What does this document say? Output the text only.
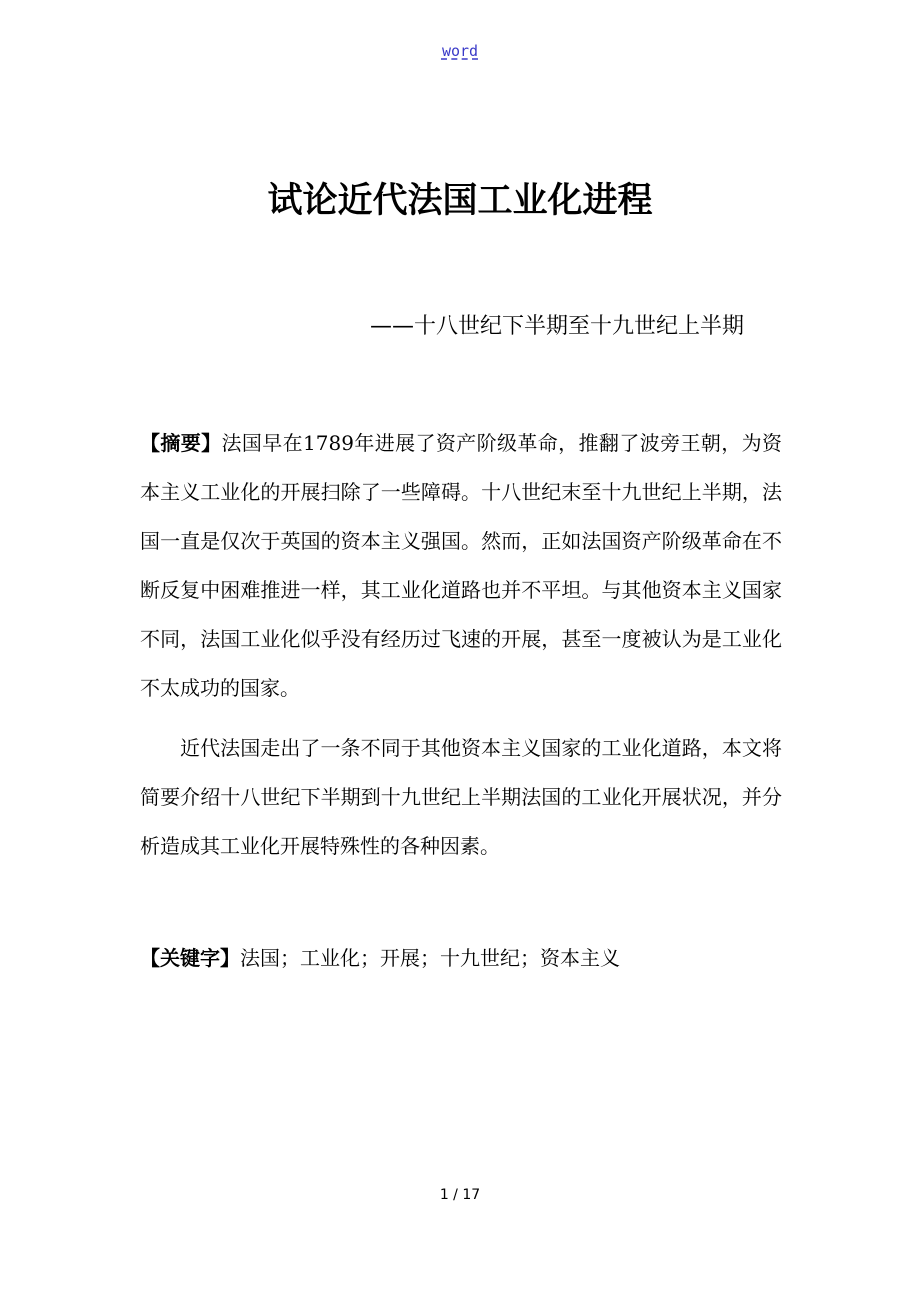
word
试论近代法国工业化进程
——十八世纪下半期至十九世纪上半期

【摘要】法国早在1789年进展了资产阶级革命，推翻了波旁王朝，为资本主义工业化的开展扫除了一些障碍。十八世纪末至十九世纪上半期，法国一直是仅次于英国的资本主义强国。然而，正如法国资产阶级革命在不断反复中困难推进一样，其工业化道路也并不平坦。与其他资本主义国家不同，法国工业化似乎没有经历过飞速的开展，甚至一度被认为是工业化不太成功的国家。

近代法国走出了一条不同于其他资本主义国家的工业化道路，本文将简要介绍十八世纪下半期到十九世纪上半期法国的工业化开展状况，并分析造成其工业化开展特殊性的各种因素。

【关键字】法国；工业化；开展；十九世纪；资本主义

1 / 17
